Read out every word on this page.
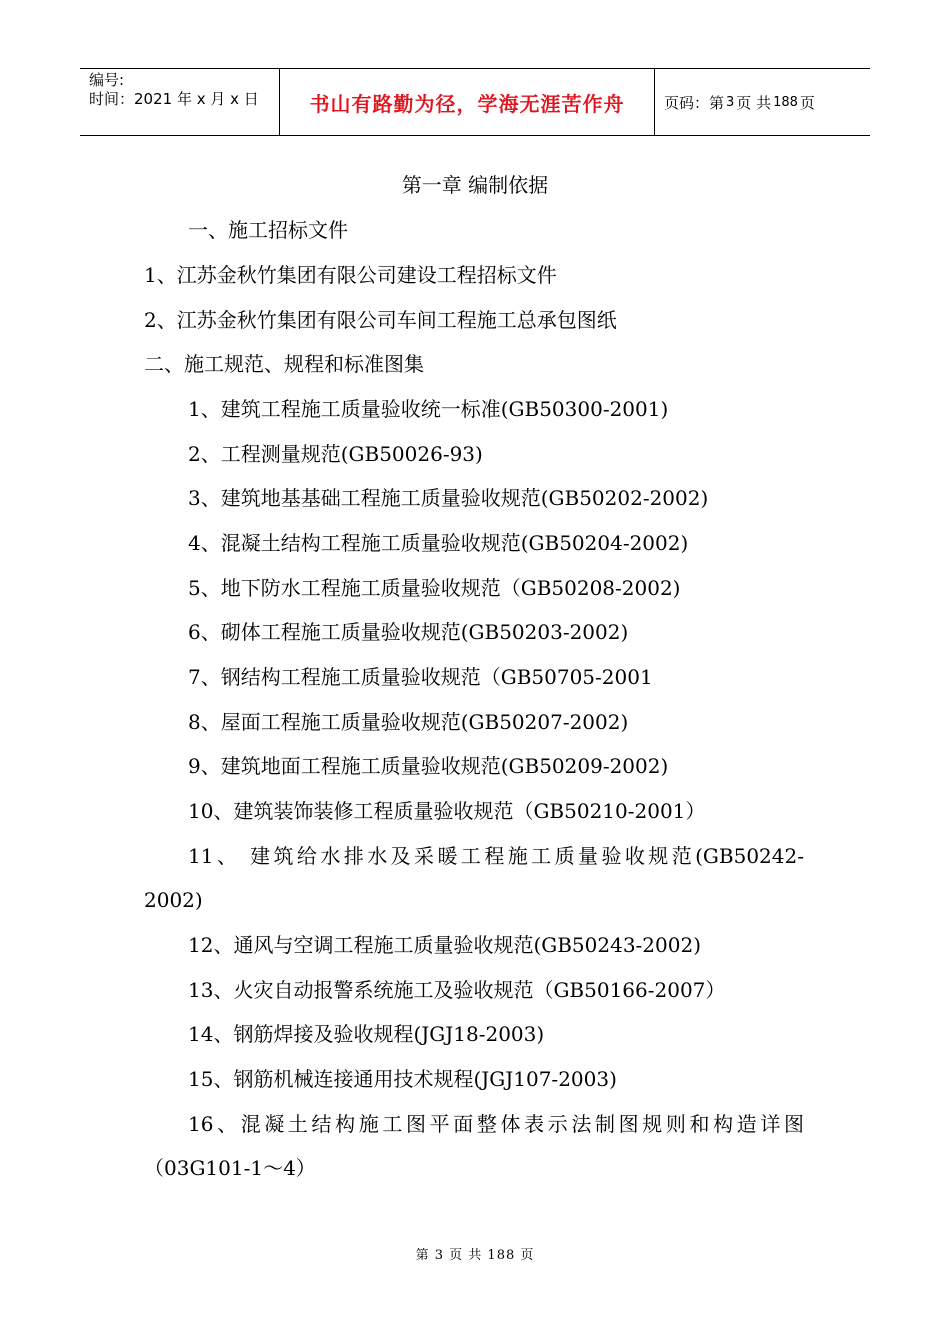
编号:
时间：2021 年 x 月 x 日	书山有路勤为径，学海无涯苦作舟	页码：第 3 页 共 188 页
第一章 编制依据
一、施工招标文件
1、江苏金秋竹集团有限公司建设工程招标文件
2、江苏金秋竹集团有限公司车间工程施工总承包图纸
二、施工规范、规程和标准图集
1、建筑工程施工质量验收统一标准(GB50300-2001)
2、工程测量规范(GB50026-93)
3、建筑地基基础工程施工质量验收规范(GB50202-2002)
4、混凝土结构工程施工质量验收规范(GB50204-2002)
5、地下防水工程施工质量验收规范（GB50208-2002)
6、砌体工程施工质量验收规范(GB50203-2002)
7、钢结构工程施工质量验收规范（GB50705-2001
8、屋面工程施工质量验收规范(GB50207-2002)
9、建筑地面工程施工质量验收规范(GB50209-2002)
10、建筑装饰装修工程质量验收规范（GB50210-2001）
11、 建筑给水排水及采暖工程施工质量验收规范(GB50242-
2002)
12、通风与空调工程施工质量验收规范(GB50243-2002)
13、火灾自动报警系统施工及验收规范（GB50166-2007）
14、钢筋焊接及验收规程(JGJ18-2003)
15、钢筋机械连接通用技术规程(JGJ107-2003)
16、混凝土结构施工图平面整体表示法制图规则和构造详图
（03G101-1～4）
第 3 页 共 188 页
